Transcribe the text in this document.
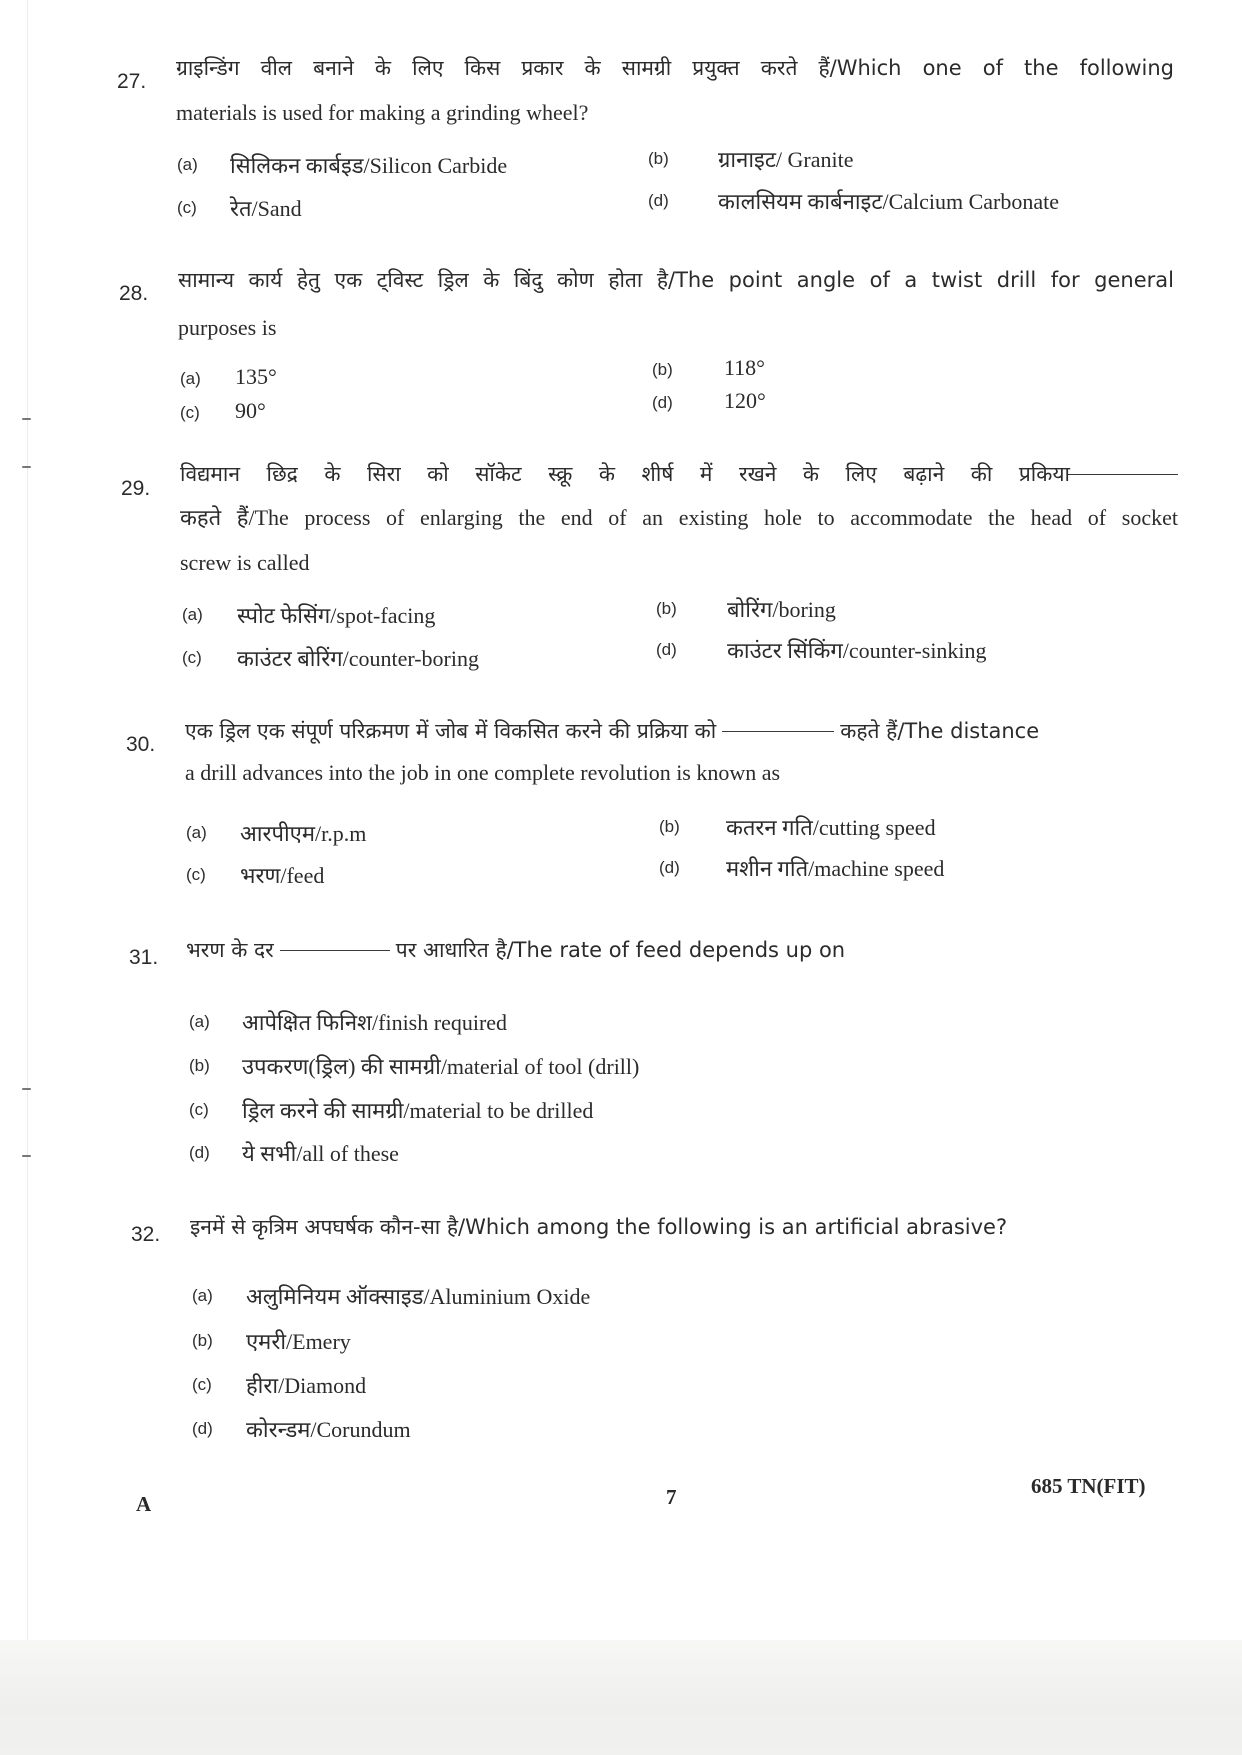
27.
ग्राइन्डिंग वील बनाने के लिए किस प्रकार के सामग्री प्रयुक्त करते हैं/Which one of the following
materials is used for making a grinding wheel?
(a) सिलिकन कार्बइड/Silicon Carbide	(b) ग्रानाइट/ Granite
(c) रेत/Sand	(d) कालसियम कार्बनाइट/Calcium Carbonate
28.
सामान्य कार्य हेतु एक ट्विस्ट ड्रिल के बिंदु कोण होता है/The point angle of a twist drill for general
purposes is
(a) 135°	(b) 118°
(c) 90°	(d) 120°
29.
विद्यमान छिद्र के सिरा को सॉकेट स्क्रू के शीर्ष में रखने के लिए बढ़ाने की प्रकिया
कहते हैं/The process of enlarging the end of an existing hole to accommodate the head of socket
screw is called
(a) स्पोट फेसिंग/spot-facing	(b) बोरिंग/boring
(c) काउंटर बोरिंग/counter-boring	(d) काउंटर सिंकिंग/counter-sinking
30.
एक ड्रिल एक संपूर्ण परिक्रमण में जोब में विकसित करने की प्रक्रिया को	कहते हैं/The distance
a drill advances into the job in one complete revolution is known as
(a) आरपीएम/r.p.m	(b) कतरन गति/cutting speed
(c) भरण/feed	(d) मशीन गति/machine speed
31. भरण के दर	पर आधारित है/The rate of feed depends up on
(a) आपेक्षित फिनिश/finish required
(b) उपकरण(ड्रिल) की सामग्री/material of tool (drill)
(c) ड्रिल करने की सामग्री/material to be drilled
(d) ये सभी/all of these
32. इनमें से कृत्रिम अपघर्षक कौन-सा है/Which among the following is an artificial abrasive?
(a) अलुमिनियम ऑक्साइड/Aluminium Oxide
(b) एमरी/Emery
(c) हीरा/Diamond
(d) कोरन्डम/Corundum
A	7	685 TN(FIT)
